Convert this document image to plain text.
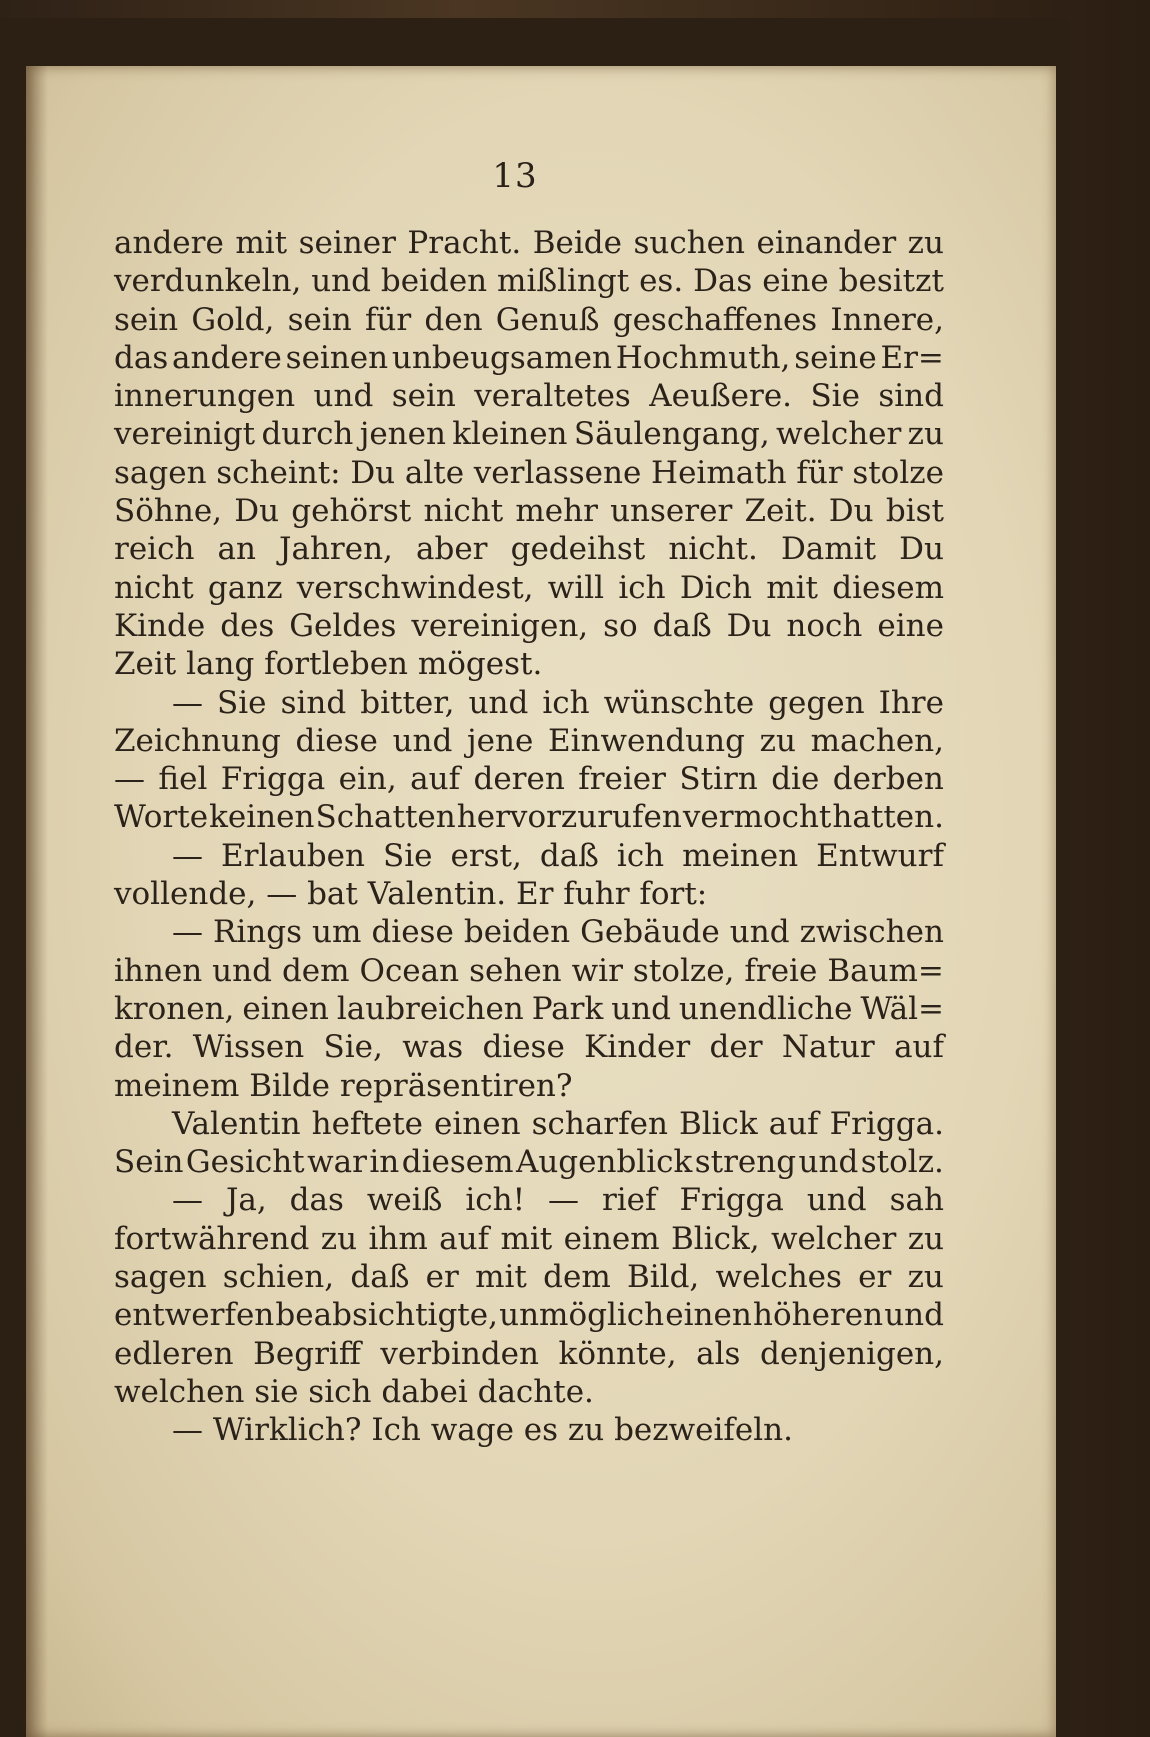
13
andere mit seiner Pracht. Beide suchen einander zu
verdunkeln, und beiden mißlingt es. Das eine besitzt
sein Gold, sein für den Genuß geschaffenes Innere,
das andere seinen unbeugsamen Hochmuth, seine Er=
innerungen und sein veraltetes Aeußere. Sie sind
vereinigt durch jenen kleinen Säulengang, welcher zu
sagen scheint: Du alte verlassene Heimath für stolze
Söhne, Du gehörst nicht mehr unserer Zeit. Du bist
reich an Jahren, aber gedeihst nicht. Damit Du
nicht ganz verschwindest, will ich Dich mit diesem
Kinde des Geldes vereinigen, so daß Du noch eine
Zeit lang fortleben mögest.
— Sie sind bitter, und ich wünschte gegen Ihre
Zeichnung diese und jene Einwendung zu machen,
— fiel Frigga ein, auf deren freier Stirn die derben
Worte keinen Schatten hervorzurufen vermocht hatten.
— Erlauben Sie erst, daß ich meinen Entwurf
vollende, — bat Valentin. Er fuhr fort:
— Rings um diese beiden Gebäude und zwischen
ihnen und dem Ocean sehen wir stolze, freie Baum=
kronen, einen laubreichen Park und unendliche Wäl=
der. Wissen Sie, was diese Kinder der Natur auf
meinem Bilde repräsentiren?
Valentin heftete einen scharfen Blick auf Frigga.
Sein Gesicht war in diesem Augenblick streng und stolz.
— Ja, das weiß ich! — rief Frigga und sah
fortwährend zu ihm auf mit einem Blick, welcher zu
sagen schien, daß er mit dem Bild, welches er zu
entwerfen beabsichtigte, unmöglich einen höheren und
edleren Begriff verbinden könnte, als denjenigen,
welchen sie sich dabei dachte.
— Wirklich? Ich wage es zu bezweifeln.
